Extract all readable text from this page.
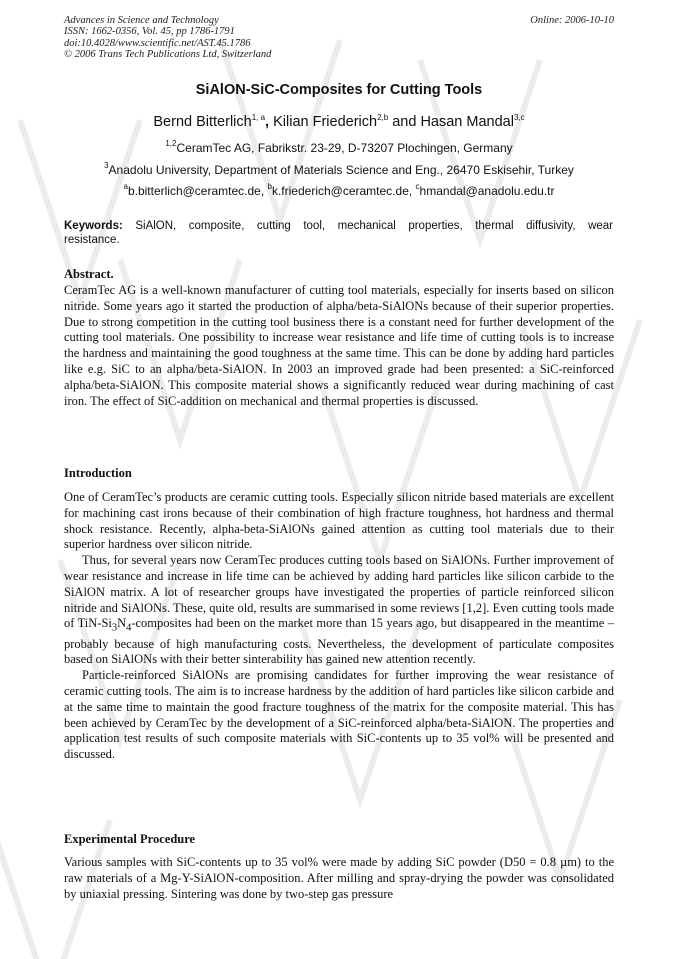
Advances in Science and Technology
ISSN: 1662-0356, Vol. 45, pp 1786-1791
doi:10.4028/www.scientific.net/AST.45.1786
© 2006 Trans Tech Publications Ltd, Switzerland
Online: 2006-10-10
SiAlON-SiC-Composites for Cutting Tools
Bernd Bitterlich$^{1, a}$, Kilian Friederich$^{2,b}$ and Hasan Mandal$^{3,c}$
$^{1,2}$CeramTec AG, Fabrikstr. 23-29, D-73207 Plochingen, Germany
$^3$Anadolu University, Department of Materials Science and Eng., 26470 Eskisehir, Turkey
$^a$b.bitterlich@ceramtec.de, $^b$k.friederich@ceramtec.de, $^c$hmandal@anadolu.edu.tr
Keywords: SiAlON, composite, cutting tool, mechanical properties, thermal diffusivity, wear resistance.
Abstract.

CeramTec AG is a well-known manufacturer of cutting tool materials, especially for inserts based on silicon nitride. Some years ago it started the production of alpha/beta-SiAlONs because of their superior properties. Due to strong competition in the cutting tool business there is a constant need for further development of the cutting tool materials. One possibility to increase wear resistance and life time of cutting tools is to increase the hardness and maintaining the good toughness at the same time. This can be done by adding hard particles like e.g. SiC to an alpha/beta-SiAlON. In 2003 an improved grade had been presented: a SiC-reinforced alpha/beta-SiAlON. This composite material shows a significantly reduced wear during machining of cast iron. The effect of SiC-addition on mechanical and thermal properties is discussed.

Introduction

One of CeramTec’s products are ceramic cutting tools. Especially silicon nitride based materials are excellent for machining cast irons because of their combination of high fracture toughness, hot hardness and thermal shock resistance. Recently, alpha-beta-SiAlONs gained attention as cutting tool materials due to their superior hardness over silicon nitride.

Thus, for several years now CeramTec produces cutting tools based on SiAlONs. Further improvement of wear resistance and increase in life time can be achieved by adding hard particles like silicon carbide to the SiAlON matrix. A lot of researcher groups have investigated the properties of particle reinforced silicon nitride and SiAlONs. These, quite old, results are summarised in some reviews [1,2]. Even cutting tools made of TiN-$Si_3N_4$-composites had been on the market more than 15 years ago, but disappeared in the meantime – probably because of high manufacturing costs. Nevertheless, the development of particulate composites based on SiAlONs with their better sinterability has gained new attention recently.

Particle-reinforced SiAlONs are promising candidates for further improving the wear resistance of ceramic cutting tools. The aim is to increase hardness by the addition of hard particles like silicon carbide and at the same time to maintain the good fracture toughness of the matrix for the composite material. This has been achieved by CeramTec by the development of a SiC-reinforced alpha/beta-SiAlON. The properties and application test results of such composite materials with SiC-contents up to 35 vol% will be presented and discussed.

Experimental Procedure

Various samples with SiC-contents up to 35 vol% were made by adding SiC powder (D50 = 0.8 µm) to the raw materials of a Mg-Y-SiAlON-composition. After milling and spray-drying the powder was consolidated by uniaxial pressing. Sintering was done by two-step gas pressure
